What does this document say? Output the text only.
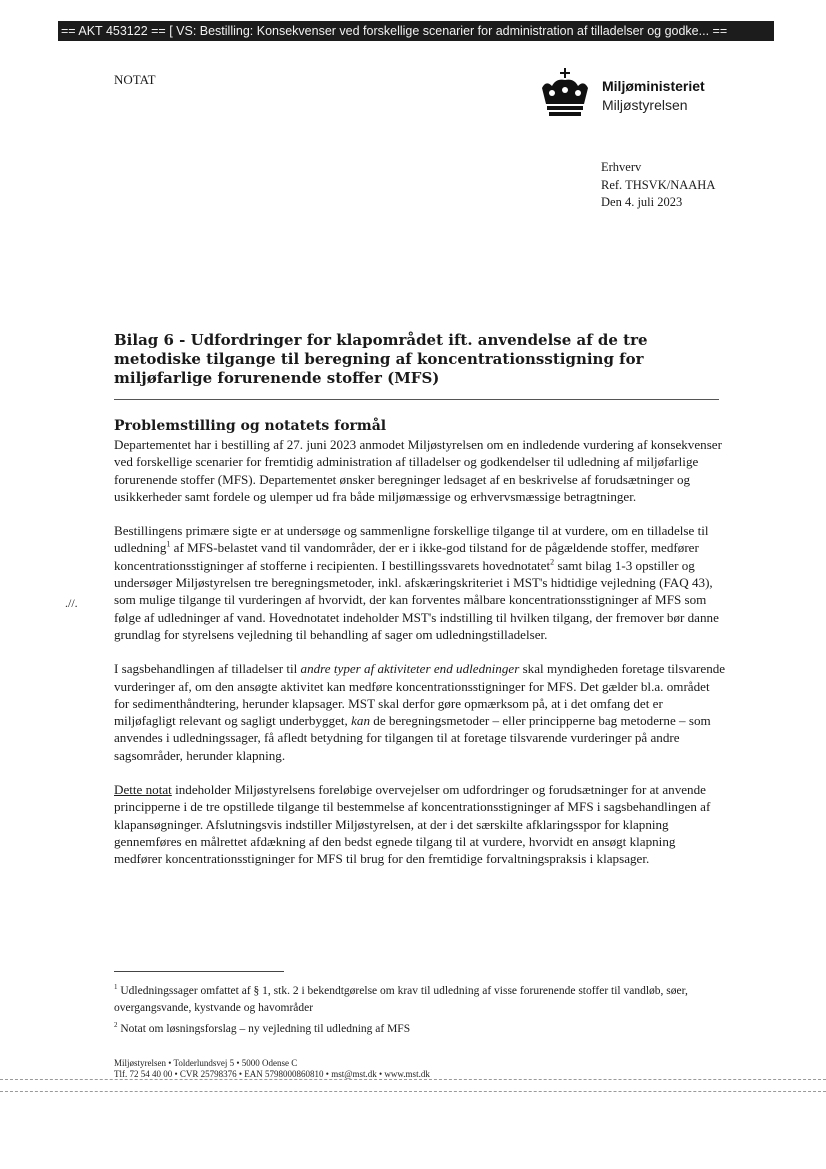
== AKT 453122 == [ VS: Bestilling: Konsekvenser ved forskellige scenarier for administration af tilladelser og godke... ==
NOTAT	Miljøministeriet
Miljøstyrelsen
Erhverv
Ref. THSVK/NAAHA
Den 4. juli 2023
Bilag 6 - Udfordringer for klapområdet ift. anvendelse af de tre metodiske tilgange til beregning af koncentrationsstigning for miljøfarlige forurenende stoffer (MFS)
Problemstilling og notatets formål

Departementet har i bestilling af 27. juni 2023 anmodet Miljøstyrelsen om en indledende vurdering af konsekvenser ved forskellige scenarier for fremtidig administration af tilladelser og godkendelser til udledning af miljøfarlige forurenende stoffer (MFS). Departementet ønsker beregninger ledsaget af en beskrivelse af forudsætninger og usikkerheder samt fordele og ulemper ud fra både miljømæssige og erhvervsmæssige betragtninger.

Bestillingens primære sigte er at undersøge og sammenligne forskellige tilgange til at vurdere, om en tilladelse til udledning$^1$ af MFS-belastet vand til vandområder, der er i ikke-god tilstand for de pågældende stoffer, medfører koncentrationsstigninger af stofferne i recipienten. I bestillingssvarets hovednotatet$^2$ samt bilag 1-3 opstiller og undersøger Miljøstyrelsen tre beregningsmetoder, inkl. afskæringskriteriet i MST's hidtidige vejledning (FAQ 43), som mulige tilgange til vurderingen af hvorvidt, der kan forventes målbare koncentrationsstigninger af MFS som følge af udledninger af vand. Hovednotatet indeholder MST's indstilling til hvilken tilgang, der fremover bør danne grundlag for styrelsens vejledning til behandling af sager om udledningstilladelser.

I sagsbehandlingen af tilladelser til andre typer af aktiviteter end udledninger skal myndigheden foretage tilsvarende vurderinger af, om den ansøgte aktivitet kan medføre koncentrationsstigninger for MFS. Det gælder bl.a. området for sedimenthåndtering, herunder klapsager. MST skal derfor gøre opmærksom på, at i det omfang det er miljøfagligt relevant og sagligt underbygget, kan de beregningsmetoder – eller principperne bag metoderne – som anvendes i udledningssager, få afledt betydning for tilgangen til at foretage tilsvarende vurderinger på andre sagsområder, herunder klapning.

Dette notat indeholder Miljøstyrelsens foreløbige overvejelser om udfordringer og forudsætninger for at anvende principperne i de tre opstillede tilgange til bestemmelse af koncentrationsstigninger af MFS i sagsbehandlingen af klapansøgninger. Afslutningsvis indstiller Miljøstyrelsen, at der i det særskilte afklaringsspor for klapning gennemføres en målrettet afdækning af den bedst egnede tilgang til at vurdere, hvorvidt en ansøgt klapning medfører koncentrationsstigninger for MFS til brug for den fremtidige forvaltningspraksis i klapsager.

.//.
$^1$ Udledningssager omfattet af § 1, stk. 2 i bekendtgørelse om krav til udledning af visse forurenende stoffer til vandløb, søer, overgangsvande, kystvande og havområder
$^2$ Notat om løsningsforslag – ny vejledning til udledning af MFS
Miljøstyrelsen • Tolderlundsvej 5 • 5000 Odense C
Tlf. 72 54 40 00 • CVR 25798376 • EAN 5798000860810 • mst@mst.dk • www.mst.dk
